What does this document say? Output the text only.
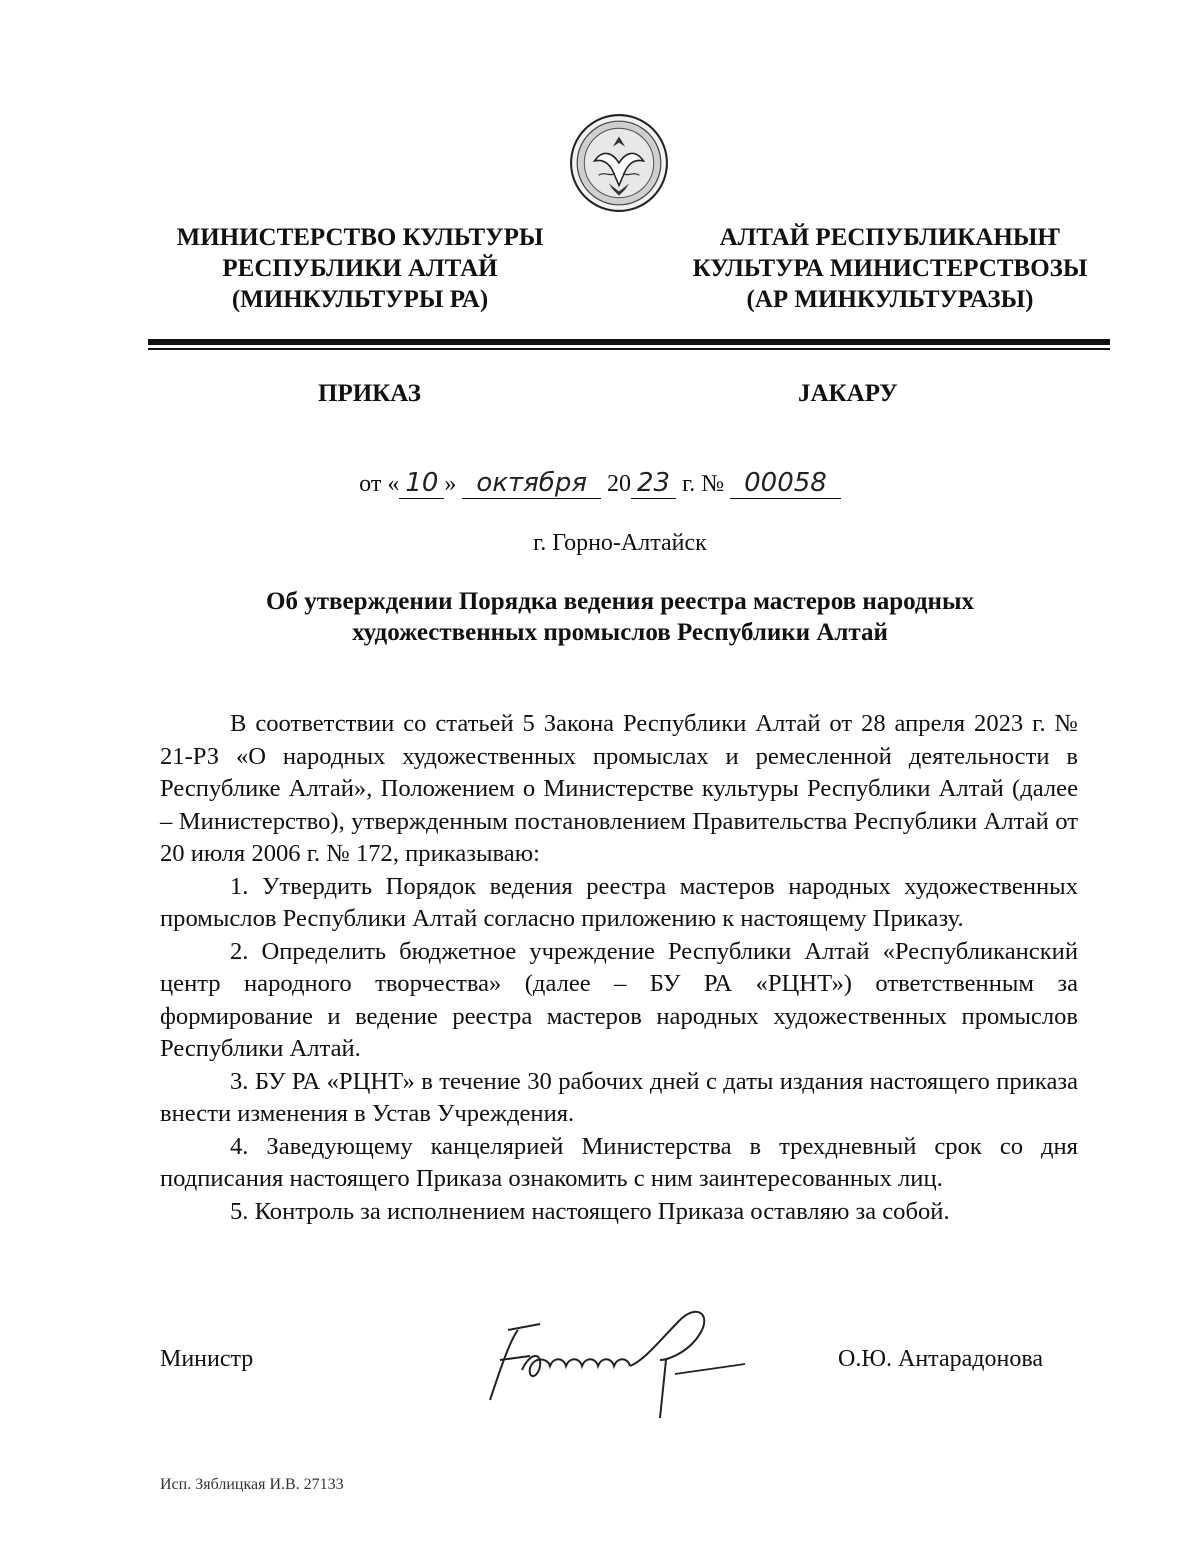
МИНИСТЕРСТВО КУЛЬТУРЫ
РЕСПУБЛИКИ АЛТАЙ
(МИНКУЛЬТУРЫ РА)
АЛТАЙ РЕСПУБЛИКАНЫҤ
КУЛЬТУРА МИНИСТЕРСТВОЗЫ
(АР МИНКУЛЬТУРАЗЫ)
ПРИКАЗ	ЈАКАРУ
от « 10 » октября 20 23 г. № 00058
г. Горно-Алтайск
Об утверждении Порядка ведения реестра мастеров народных
художественных промыслов Республики Алтай

В соответствии со статьей 5 Закона Республики Алтай от 28 апреля 2023 г. № 21-РЗ «О народных художественных промыслах и ремесленной деятельности в Республике Алтай», Положением о Министерстве культуры Республики Алтай (далее – Министерство), утвержденным постановлением Правительства Республики Алтай от 20 июля 2006 г. № 172, приказываю:

1. Утвердить Порядок ведения реестра мастеров народных художественных промыслов Республики Алтай согласно приложению к настоящему Приказу.

2. Определить бюджетное учреждение Республики Алтай «Республиканский центр народного творчества» (далее – БУ РА «РЦНТ») ответственным за формирование и ведение реестра мастеров народных художественных промыслов Республики Алтай.

3. БУ РА «РЦНТ» в течение 30 рабочих дней с даты издания настоящего приказа внести изменения в Устав Учреждения.

4. Заведующему канцелярией Министерства в трехдневный срок со дня подписания настоящего Приказа ознакомить с ним заинтересованных лиц.

5. Контроль за исполнением настоящего Приказа оставляю за собой.

Министр	О.Ю. Антарадонова
Исп. Зяблицкая И.В. 27133
